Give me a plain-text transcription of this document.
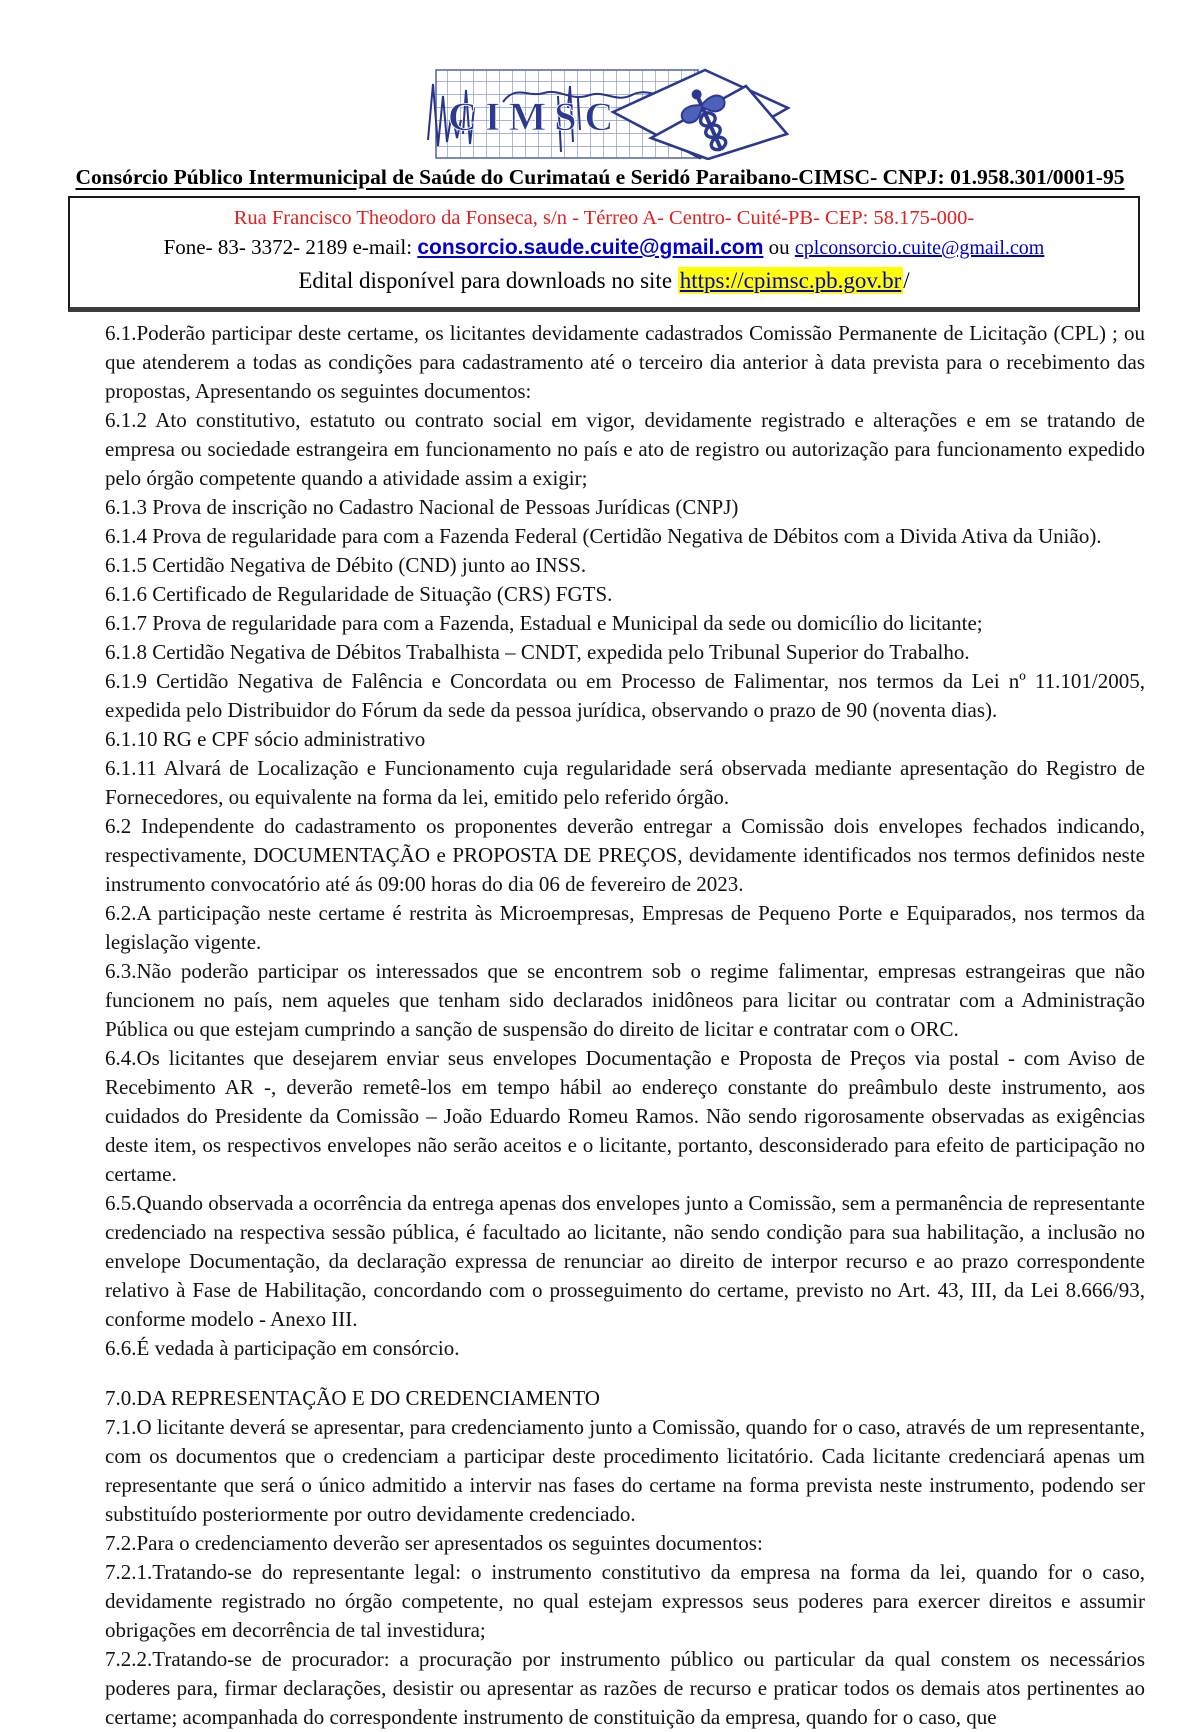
CIMSC
Consórcio Público Intermunicipal de Saúde do Curimataú e Seridó Paraibano-CIMSC- CNPJ: 01.958.301/0001-95
Rua Francisco Theodoro da Fonseca, s/n - Térreo A- Centro- Cuité-PB- CEP: 58.175-000-
Fone- 83- 3372- 2189 e-mail: consorcio.saude.cuite@gmail.com ou cplconsorcio.cuite@gmail.com
Edital disponível para downloads no site https://cpimsc.pb.gov.br/

6.1.Poderão participar deste certame, os licitantes devidamente cadastrados Comissão Permanente de Licitação (CPL) ; ou que atenderem a todas as condições para cadastramento até o terceiro dia anterior à data prevista para o recebimento das propostas, Apresentando os seguintes documentos:

6.1.2 Ato constitutivo, estatuto ou contrato social em vigor, devidamente registrado e alterações e em se tratando de empresa ou sociedade estrangeira em funcionamento no país e ato de registro ou autorização para funcionamento expedido pelo órgão competente quando a atividade assim a exigir;

6.1.3 Prova de inscrição no Cadastro Nacional de Pessoas Jurídicas (CNPJ)

6.1.4 Prova de regularidade para com a Fazenda Federal (Certidão Negativa de Débitos com a Divida Ativa da União).

6.1.5 Certidão Negativa de Débito (CND) junto ao INSS.

6.1.6 Certificado de Regularidade de Situação (CRS) FGTS.

6.1.7 Prova de regularidade para com a Fazenda, Estadual e Municipal da sede ou domicílio do licitante;

6.1.8 Certidão Negativa de Débitos Trabalhista – CNDT, expedida pelo Tribunal Superior do Trabalho.

6.1.9 Certidão Negativa de Falência e Concordata ou em Processo de Falimentar, nos termos da Lei nº 11.101/2005, expedida pelo Distribuidor do Fórum da sede da pessoa jurídica, observando o prazo de 90 (noventa dias).

6.1.10 RG e CPF sócio administrativo

6.1.11 Alvará de Localização e Funcionamento cuja regularidade será observada mediante apresentação do Registro de Fornecedores, ou equivalente na forma da lei, emitido pelo referido órgão.

6.2 Independente do cadastramento os proponentes deverão entregar a Comissão dois envelopes fechados indicando, respectivamente, DOCUMENTAÇÃO e PROPOSTA DE PREÇOS, devidamente identificados nos termos definidos neste instrumento convocatório até ás 09:00 horas do dia 06 de fevereiro de 2023.

6.2.A participação neste certame é restrita às Microempresas, Empresas de Pequeno Porte e Equiparados, nos termos da legislação vigente.

6.3.Não poderão participar os interessados que se encontrem sob o regime falimentar, empresas estrangeiras que não funcionem no país, nem aqueles que tenham sido declarados inidôneos para licitar ou contratar com a Administração Pública ou que estejam cumprindo a sanção de suspensão do direito de licitar e contratar com o ORC.

6.4.Os licitantes que desejarem enviar seus envelopes Documentação e Proposta de Preços via postal - com Aviso de Recebimento AR -, deverão remetê-los em tempo hábil ao endereço constante do preâmbulo deste instrumento, aos cuidados do Presidente da Comissão – João Eduardo Romeu Ramos. Não sendo rigorosamente observadas as exigências deste item, os respectivos envelopes não serão aceitos e o licitante, portanto, desconsiderado para efeito de participação no certame.

6.5.Quando observada a ocorrência da entrega apenas dos envelopes junto a Comissão, sem a permanência de representante credenciado na respectiva sessão pública, é facultado ao licitante, não sendo condição para sua habilitação, a inclusão no envelope Documentação, da declaração expressa de renunciar ao direito de interpor recurso e ao prazo correspondente relativo à Fase de Habilitação, concordando com o prosseguimento do certame, previsto no Art. 43, III, da Lei 8.666/93, conforme modelo - Anexo III.

6.6.É vedada à participação em consórcio.

7.0.DA REPRESENTAÇÃO E DO CREDENCIAMENTO

7.1.O licitante deverá se apresentar, para credenciamento junto a Comissão, quando for o caso, através de um representante, com os documentos que o credenciam a participar deste procedimento licitatório. Cada licitante credenciará apenas um representante que será o único admitido a intervir nas fases do certame na forma prevista neste instrumento, podendo ser substituído posteriormente por outro devidamente credenciado.

7.2.Para o credenciamento deverão ser apresentados os seguintes documentos:

7.2.1.Tratando-se do representante legal: o instrumento constitutivo da empresa na forma da lei, quando for o caso, devidamente registrado no órgão competente, no qual estejam expressos seus poderes para exercer direitos e assumir obrigações em decorrência de tal investidura;

7.2.2.Tratando-se de procurador: a procuração por instrumento público ou particular da qual constem os necessários poderes para, firmar declarações, desistir ou apresentar as razões de recurso e praticar todos os demais atos pertinentes ao certame; acompanhada do correspondente instrumento de constituição da empresa, quando for o caso, que
